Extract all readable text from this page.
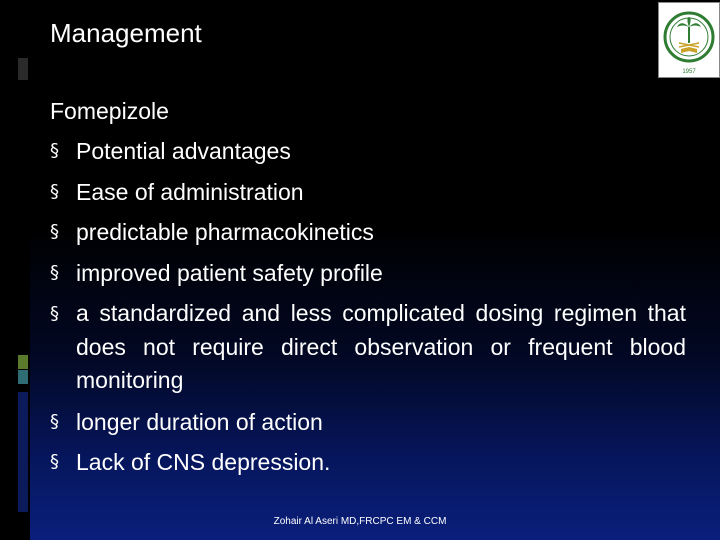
Management
1957
Fomepizole
§ Potential advantages
§ Ease of administration
§ predictable pharmacokinetics
§ improved patient safety profile
§ a standardized and less complicated dosing regimen that does not require direct observation or frequent blood monitoring
§ longer duration of action
§ Lack of CNS depression.
Zohair Al Aseri MD,FRCPC EM & CCM
